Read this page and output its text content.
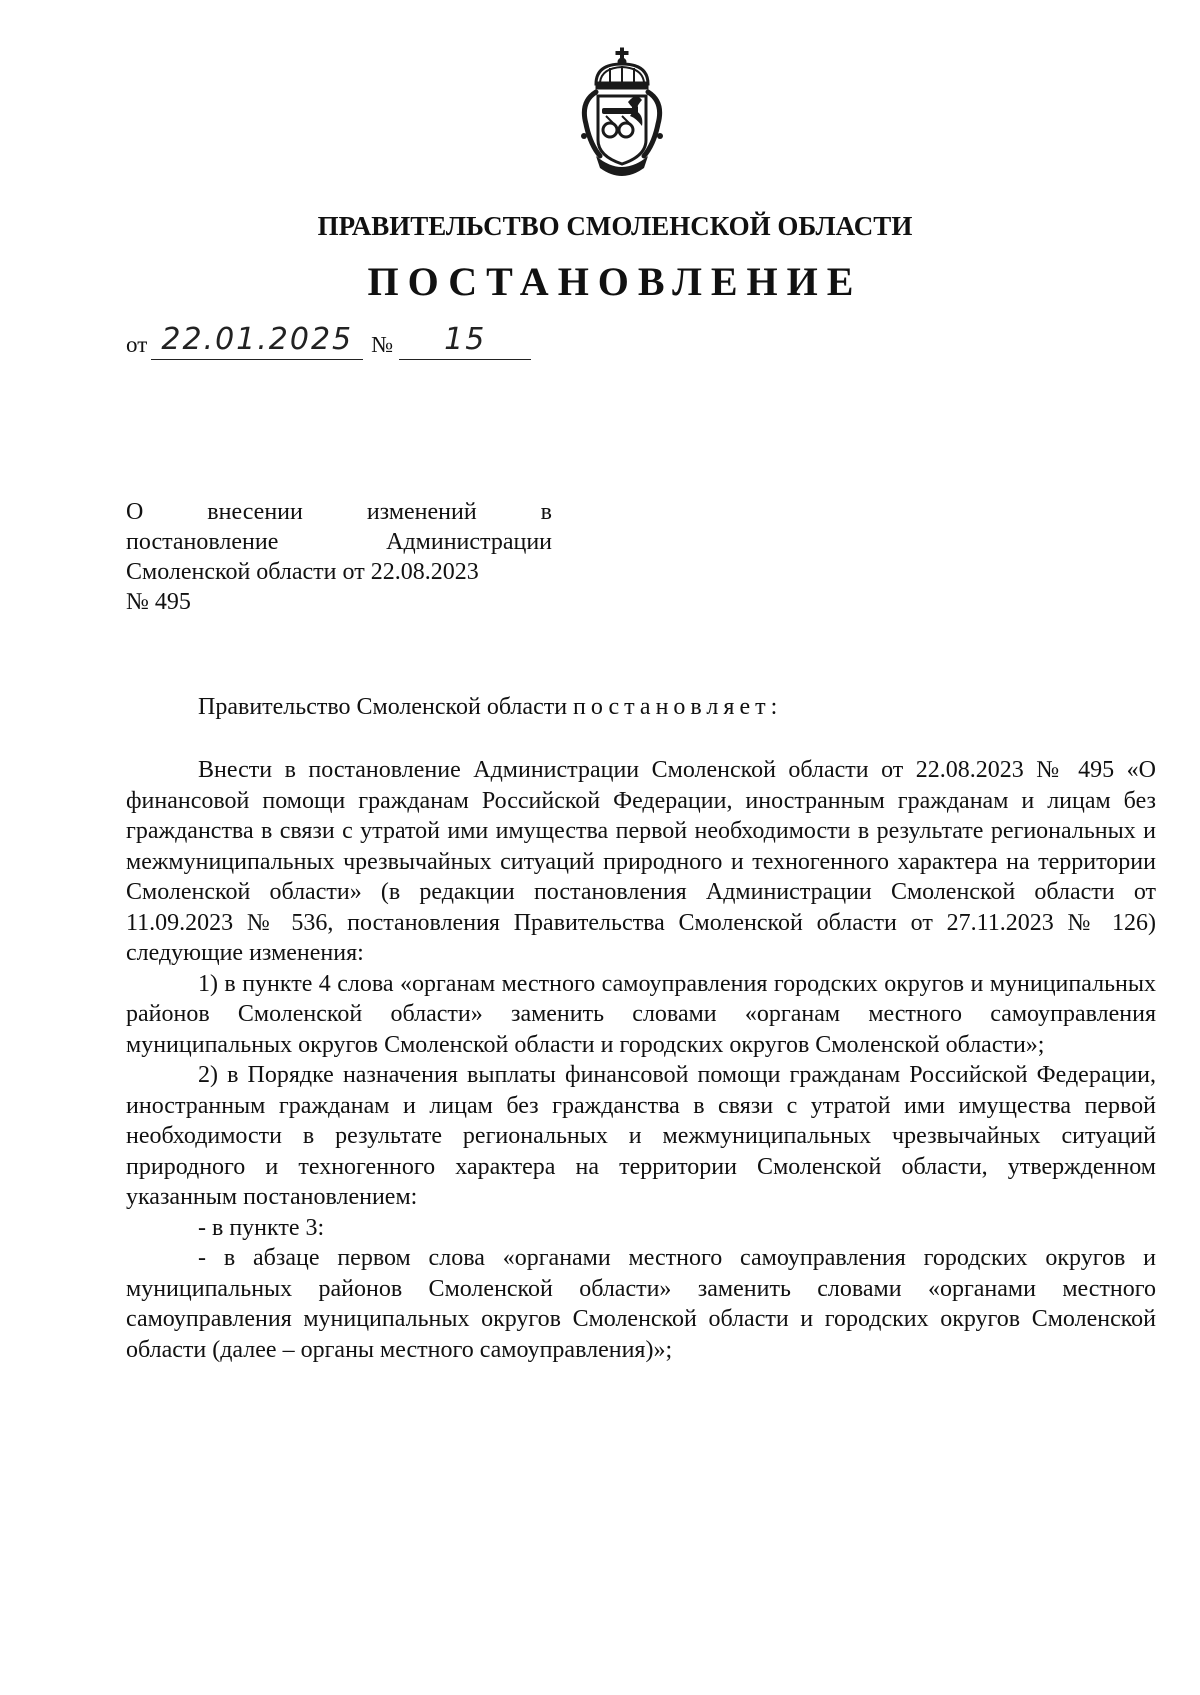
ПРАВИТЕЛЬСТВО СМОЛЕНСКОЙ ОБЛАСТИ
ПОСТАНОВЛЕНИЕ
от 22.01.2025 №	15
О внесении изменений в
постановление Администрации
Смоленской области от 22.08.2023
№ 495
Правительство Смоленской области постановляет:

Внести в постановление Администрации Смоленской области от 22.08.2023 № 495 «О финансовой помощи гражданам Российской Федерации, иностранным гражданам и лицам без гражданства в связи с утратой ими имущества первой необходимости в результате региональных и межмуниципальных чрезвычайных ситуаций природного и техногенного характера на территории Смоленской области» (в редакции постановления Администрации Смоленской области от 11.09.2023 № 536, постановления Правительства Смоленской области от 27.11.2023 № 126) следующие изменения:

1) в пункте 4 слова «органам местного самоуправления городских округов и муниципальных районов Смоленской области» заменить словами «органам местного самоуправления муниципальных округов Смоленской области и городских округов Смоленской области»;

2) в Порядке назначения выплаты финансовой помощи гражданам Российской Федерации, иностранным гражданам и лицам без гражданства в связи с утратой ими имущества первой необходимости в результате региональных и межмуниципальных чрезвычайных ситуаций природного и техногенного характера на территории Смоленской области, утвержденном указанным постановлением:

- в пункте 3:

- в абзаце первом слова «органами местного самоуправления городских округов и муниципальных районов Смоленской области» заменить словами «органами местного самоуправления муниципальных округов Смоленской области и городских округов Смоленской области (далее – органы местного самоуправления)»;
